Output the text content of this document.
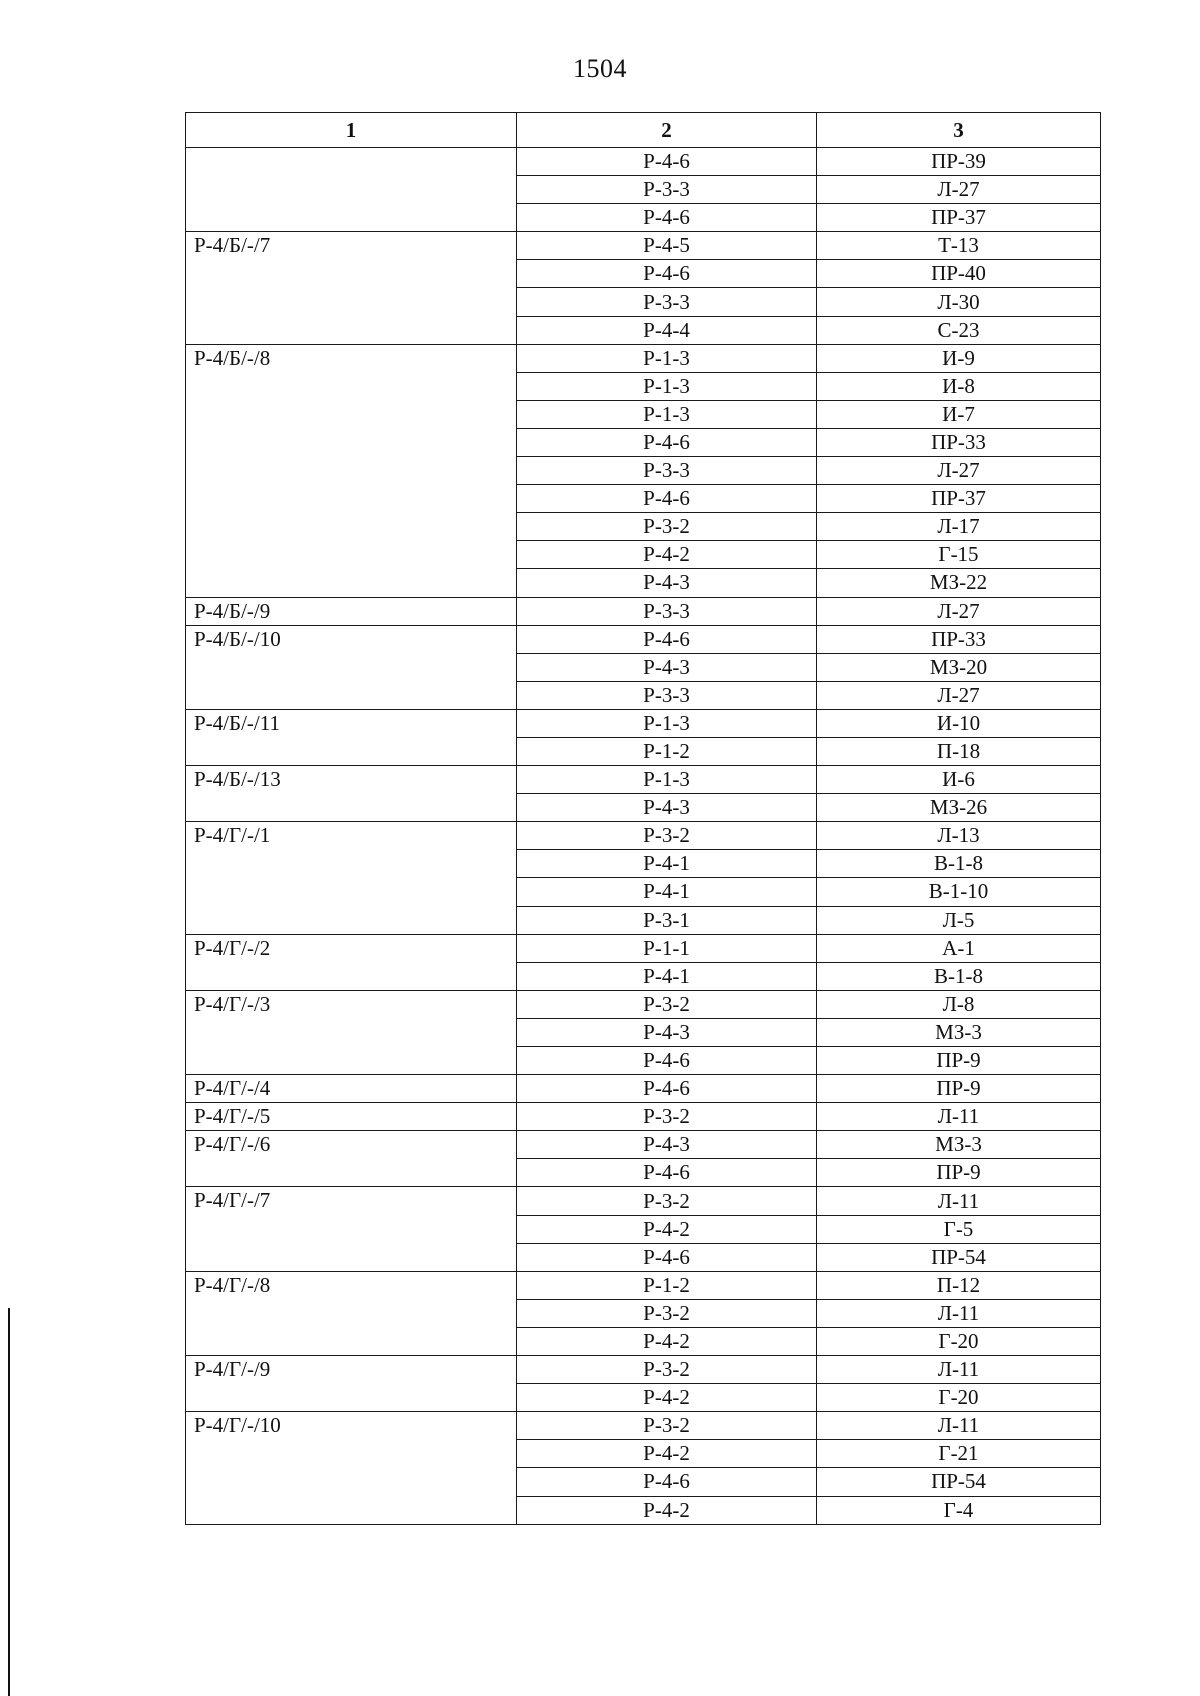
1504
1	2	3
	Р-4-6	ПР-39
	Р-3-3	Л-27
	Р-4-6	ПР-37
Р-4/Б/-/7	Р-4-5	Т-13
	Р-4-6	ПР-40
	Р-3-3	Л-30
	Р-4-4	С-23
Р-4/Б/-/8	Р-1-3	И-9
	Р-1-3	И-8
	Р-1-3	И-7
	Р-4-6	ПР-33
	Р-3-3	Л-27
	Р-4-6	ПР-37
	Р-3-2	Л-17
	Р-4-2	Г-15
	Р-4-3	МЗ-22
Р-4/Б/-/9	Р-3-3	Л-27
Р-4/Б/-/10	Р-4-6	ПР-33
	Р-4-3	МЗ-20
	Р-3-3	Л-27
Р-4/Б/-/11	Р-1-3	И-10
	Р-1-2	П-18
Р-4/Б/-/13	Р-1-3	И-6
	Р-4-3	МЗ-26
Р-4/Г/-/1	Р-3-2	Л-13
	Р-4-1	В-1-8
	Р-4-1	В-1-10
	Р-3-1	Л-5
Р-4/Г/-/2	Р-1-1	А-1
	Р-4-1	В-1-8
Р-4/Г/-/3	Р-3-2	Л-8
	Р-4-3	МЗ-3
	Р-4-6	ПР-9
Р-4/Г/-/4	Р-4-6	ПР-9
Р-4/Г/-/5	Р-3-2	Л-11
Р-4/Г/-/6	Р-4-3	МЗ-3
	Р-4-6	ПР-9
Р-4/Г/-/7	Р-3-2	Л-11
	Р-4-2	Г-5
	Р-4-6	ПР-54
Р-4/Г/-/8	Р-1-2	П-12
	Р-3-2	Л-11
	Р-4-2	Г-20
Р-4/Г/-/9	Р-3-2	Л-11
	Р-4-2	Г-20
Р-4/Г/-/10	Р-3-2	Л-11
	Р-4-2	Г-21
	Р-4-6	ПР-54
	Р-4-2	Г-4
